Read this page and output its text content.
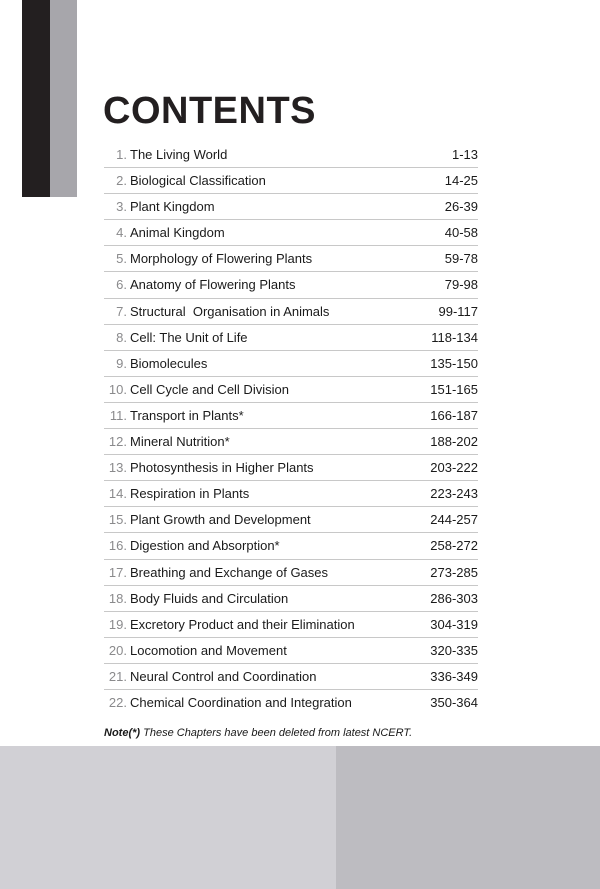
CONTENTS
1. The Living World	1-13
2. Biological Classification	14-25
3. Plant Kingdom	26-39
4. Animal Kingdom	40-58
5. Morphology of Flowering Plants	59-78
6. Anatomy of Flowering Plants	79-98
7. Structural  Organisation in Animals	99-117
8. Cell: The Unit of Life	118-134
9. Biomolecules	135-150
10. Cell Cycle and Cell Division	151-165
11. Transport in Plants*	166-187
12. Mineral Nutrition*	188-202
13. Photosynthesis in Higher Plants	203-222
14. Respiration in Plants	223-243
15. Plant Growth and Development	244-257
16. Digestion and Absorption*	258-272
17. Breathing and Exchange of Gases	273-285
18. Body Fluids and Circulation	286-303
19. Excretory Product and their Elimination	304-319
20. Locomotion and Movement	320-335
21. Neural Control and Coordination	336-349
22. Chemical Coordination and Integration	350-364
Note(*) These Chapters have been deleted from latest NCERT.
